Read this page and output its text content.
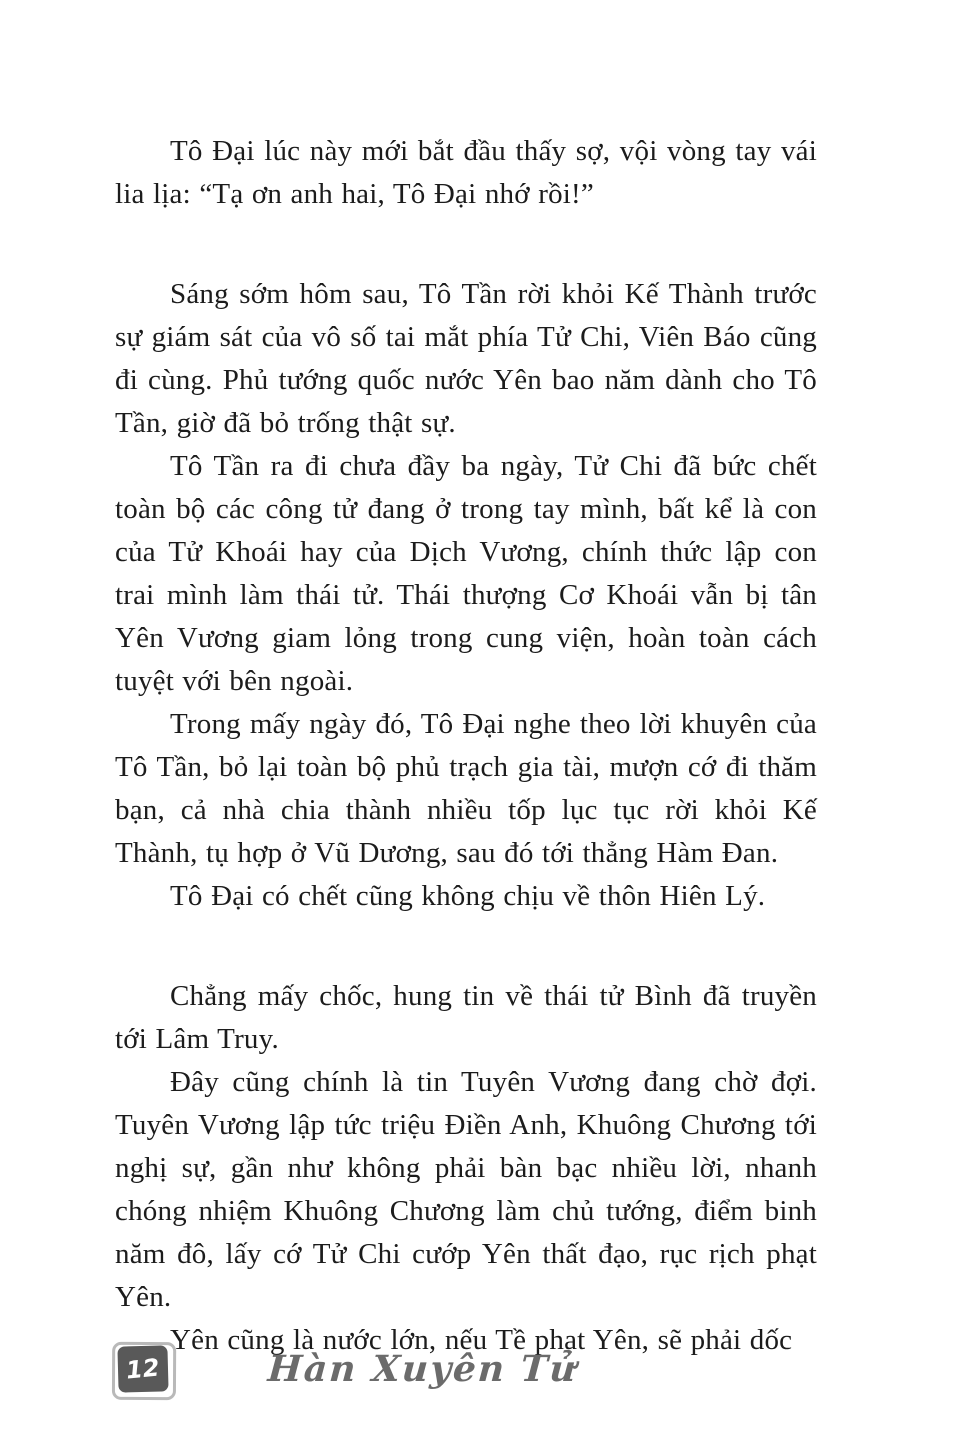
Tô Đại lúc này mới bắt đầu thấy sợ, vội vòng tay vái lia lịa: “Tạ ơn anh hai, Tô Đại nhớ rồi!”

Sáng sớm hôm sau, Tô Tần rời khỏi Kế Thành trước sự giám sát của vô số tai mắt phía Tử Chi, Viên Báo cũng đi cùng. Phủ tướng quốc nước Yên bao năm dành cho Tô Tần, giờ đã bỏ trống thật sự.

Tô Tần ra đi chưa đầy ba ngày, Tử Chi đã bức chết toàn bộ các công tử đang ở trong tay mình, bất kể là con của Tử Khoái hay của Dịch Vương, chính thức lập con trai mình làm thái tử. Thái thượng Cơ Khoái vẫn bị tân Yên Vương giam lỏng trong cung viện, hoàn toàn cách tuyệt với bên ngoài.

Trong mấy ngày đó, Tô Đại nghe theo lời khuyên của Tô Tần, bỏ lại toàn bộ phủ trạch gia tài, mượn cớ đi thăm bạn, cả nhà chia thành nhiều tốp lục tục rời khỏi Kế Thành, tụ hợp ở Vũ Dương, sau đó tới thẳng Hàm Đan.

Tô Đại có chết cũng không chịu về thôn Hiên Lý.

Chẳng mấy chốc, hung tin về thái tử Bình đã truyền tới Lâm Truy.

Đây cũng chính là tin Tuyên Vương đang chờ đợi. Tuyên Vương lập tức triệu Điền Anh, Khuông Chương tới nghị sự, gần như không phải bàn bạc nhiều lời, nhanh chóng nhiệm Khuông Chương làm chủ tướng, điểm binh năm đô, lấy cớ Tử Chi cướp Yên thất đạo, rục rịch phạt Yên.

Yên cũng là nước lớn, nếu Tề phạt Yên, sẽ phải dốc

12	Hàn Xuyên Tử
